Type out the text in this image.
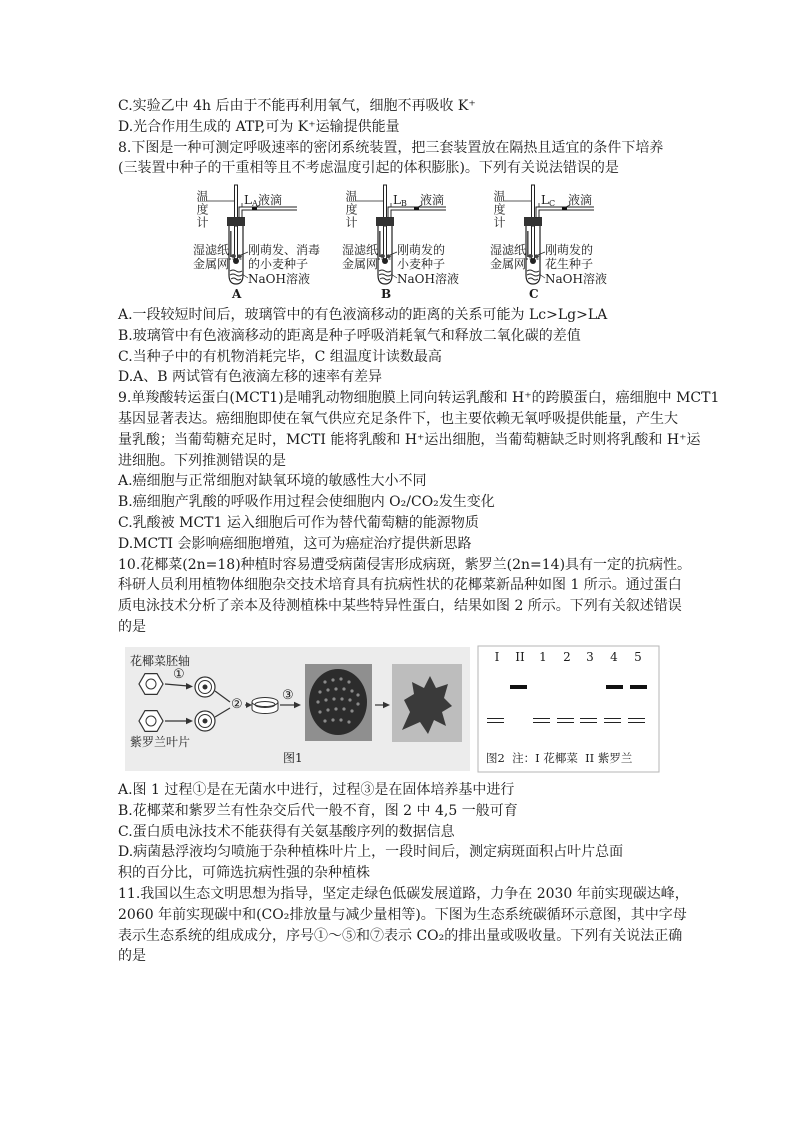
C.实验乙中 4h 后由于不能再利用氧气，细胞不再吸收 K⁺
D.光合作用生成的 ATP,可为 K⁺运输提供能量
8.下图是一种可测定呼吸速率的密闭系统装置，把三套装置放在隔热且适宜的条件下培养
(三装置中种子的干重相等且不考虑温度引起的体积膨胀)。下列有关说法错误的是
温度计	$L_A$ 液滴
湿滤纸
金属网
刚萌发、消毒
的小麦种子
NaOH溶液
A
温度计	$L_B$ 液滴
湿滤纸
金属网
刚萌发的
小麦种子
NaOH溶液
B
温度计	$L_C$ 液滴
湿滤纸
金属网
刚萌发的
花生种子
NaOH溶液
C
A.一段较短时间后，玻璃管中的有色液滴移动的距离的关系可能为 Lc>Lg>LA
B.玻璃管中有色液滴移动的距离是种子呼吸消耗氧气和释放二氧化碳的差值
C.当种子中的有机物消耗完毕，C 组温度计读数最高
D.A、B 两试管有色液滴左移的速率有差异
9.单羧酸转运蛋白(MCT1)是哺乳动物细胞膜上同向转运乳酸和 H⁺的跨膜蛋白，癌细胞中 MCT1
基因显著表达。癌细胞即使在氧气供应充足条件下，也主要依赖无氧呼吸提供能量，产生大
量乳酸；当葡萄糖充足时，MCTI 能将乳酸和 H⁺运出细胞，当葡萄糖缺乏时则将乳酸和 H⁺运
进细胞。下列推测错误的是
A.癌细胞与正常细胞对缺氧环境的敏感性大小不同
B.癌细胞产乳酸的呼吸作用过程会使细胞内 O₂/CO₂发生变化
C.乳酸被 MCT1 运入细胞后可作为替代葡萄糖的能源物质
D.MCTI 会影响癌细胞增殖，这可为癌症治疗提供新思路
10.花椰菜(2n=18)种植时容易遭受病菌侵害形成病斑，紫罗兰(2n=14)具有一定的抗病性。
科研人员利用植物体细胞杂交技术培育具有抗病性状的花椰菜新品种如图 1 所示。通过蛋白
质电泳技术分析了亲本及待测植株中某些特异性蛋白，结果如图 2 所示。下列有关叙述错误
的是
花椰菜胚轴
紫罗兰叶片
①
②
③
图1
I	II	1	2	3	4	5
图2  注：I 花椰菜  II 紫罗兰
A.图 1 过程①是在无菌水中进行，过程③是在固体培养基中进行
B.花椰菜和紫罗兰有性杂交后代一般不育，图 2 中 4,5 一般可育
C.蛋白质电泳技术不能获得有关氨基酸序列的数据信息
D.病菌悬浮液均匀喷施于杂种植株叶片上，一段时间后，测定病斑面积占叶片总面
积的百分比，可筛选抗病性强的杂种植株
11.我国以生态文明思想为指导，坚定走绿色低碳发展道路，力争在 2030 年前实现碳达峰，
2060 年前实现碳中和(CO₂排放量与减少量相等)。下图为生态系统碳循环示意图，其中字母
表示生态系统的组成成分，序号①～⑤和⑦表示 CO₂的排出量或吸收量。下列有关说法正确
的是
